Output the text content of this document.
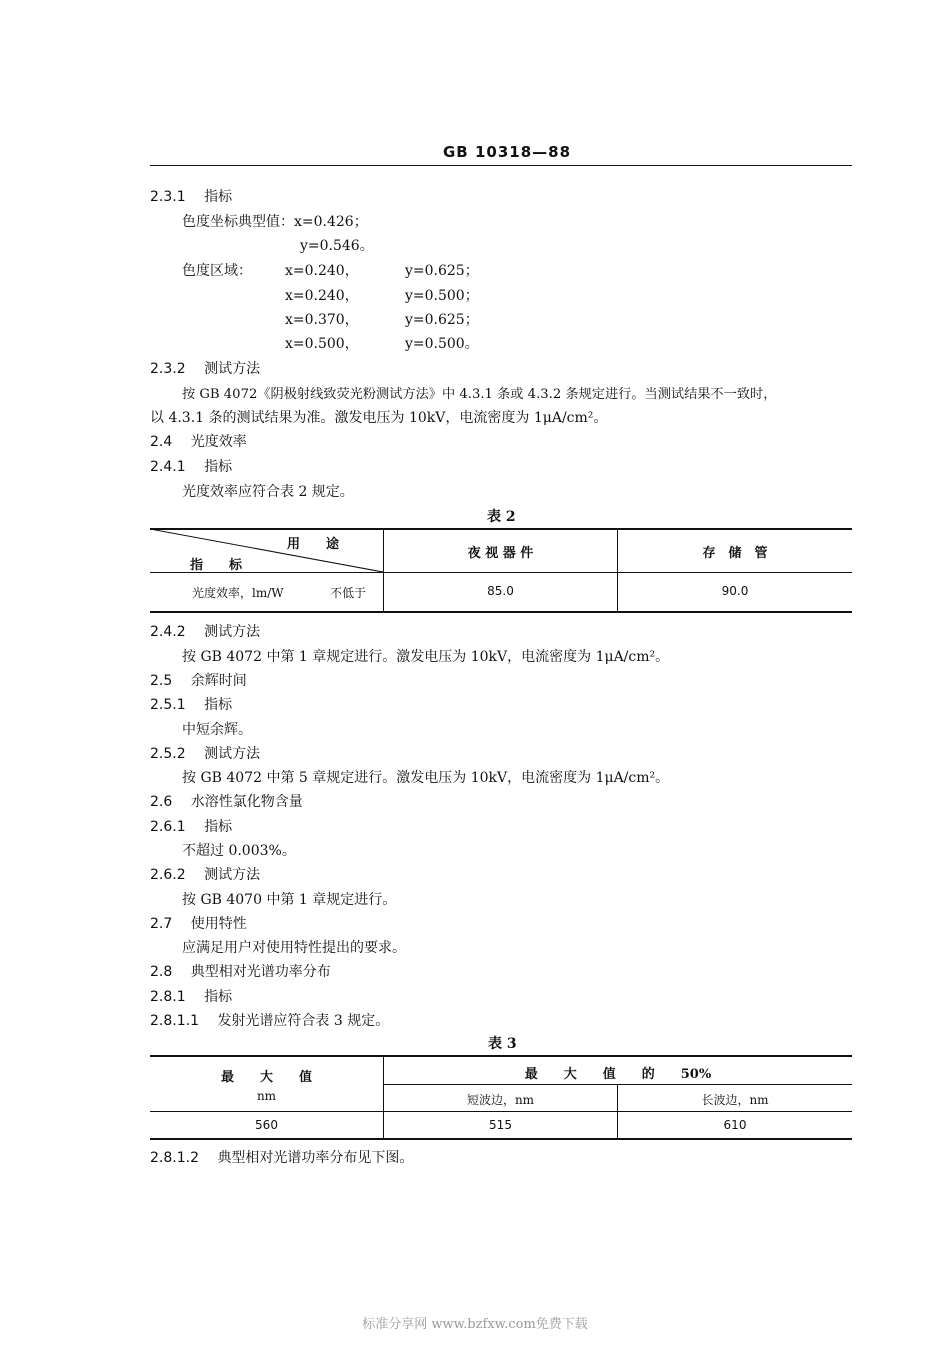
GB 10318—88
2.3.1 指标
色度坐标典型值：x=0.426；
y=0.546。
色度区域： x=0.240，	y=0.625；
x=0.240，	y=0.500；
x=0.370，	y=0.625；
x=0.500，	y=0.500。
2.3.2 测试方法
按 GB 4072《阴极射线致荧光粉测试方法》中 4.3.1 条或 4.3.2 条规定进行。当测试结果不一致时，
以 4.3.1 条的测试结果为准。激发电压为 10kV，电流密度为 1μA/cm²。
2.4 光度效率
2.4.1 指标
光度效率应符合表 2 规定。
表 2
用　　途
指　　标
夜 视 器 件	存　储　管
光度效率，lm/W	不低于	85.0	90.0
2.4.2 测试方法
按 GB 4072 中第 1 章规定进行。激发电压为 10kV，电流密度为 1μA/cm²。
2.5 余辉时间
2.5.1 指标
中短余辉。
2.5.2 测试方法
按 GB 4072 中第 5 章规定进行。激发电压为 10kV，电流密度为 1μA/cm²。
2.6 水溶性氯化物含量
2.6.1 指标
不超过 0.003%。
2.6.2 测试方法
按 GB 4070 中第 1 章规定进行。
2.7 使用特性
应满足用户对使用特性提出的要求。
2.8 典型相对光谱功率分布
2.8.1 指标
2.8.1.1 发射光谱应符合表 3 规定。
表 3
最　　大　　值
nm
最　　大　　值　　的　　50%
短波边，nm	长波边，nm
560	515	610
2.8.1.2 典型相对光谱功率分布见下图。
标准分享网 www.bzfxw.com免费下载
